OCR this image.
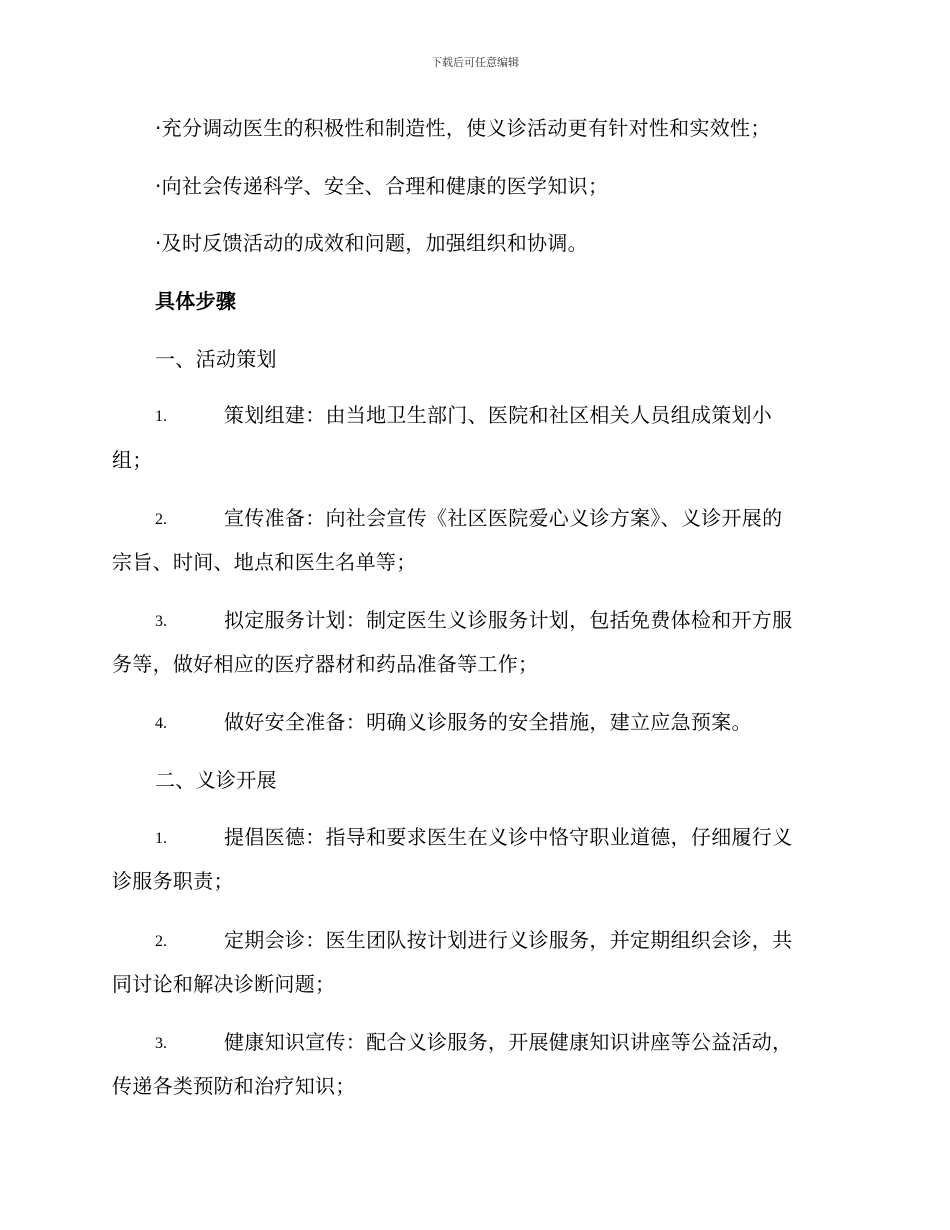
下载后可任意编辑
·充分调动医生的积极性和制造性，使义诊活动更有针对性和实效性；
·向社会传递科学、安全、合理和健康的医学知识；
·及时反馈活动的成效和问题，加强组织和协调。
具体步骤
一、活动策划
1.	策划组建：由当地卫生部门、医院和社区相关人员组成策划小
组；
2.	宣传准备：向社会宣传《社区医院爱心义诊方案》、义诊开展的
宗旨、时间、地点和医生名单等；
3.	拟定服务计划：制定医生义诊服务计划，包括免费体检和开方服
务等，做好相应的医疗器材和药品准备等工作；
4.	做好安全准备：明确义诊服务的安全措施，建立应急预案。
二、义诊开展
1.	提倡医德：指导和要求医生在义诊中恪守职业道德，仔细履行义
诊服务职责；
2.	定期会诊：医生团队按计划进行义诊服务，并定期组织会诊，共
同讨论和解决诊断问题；
3.	健康知识宣传：配合义诊服务，开展健康知识讲座等公益活动，
传递各类预防和治疗知识；
